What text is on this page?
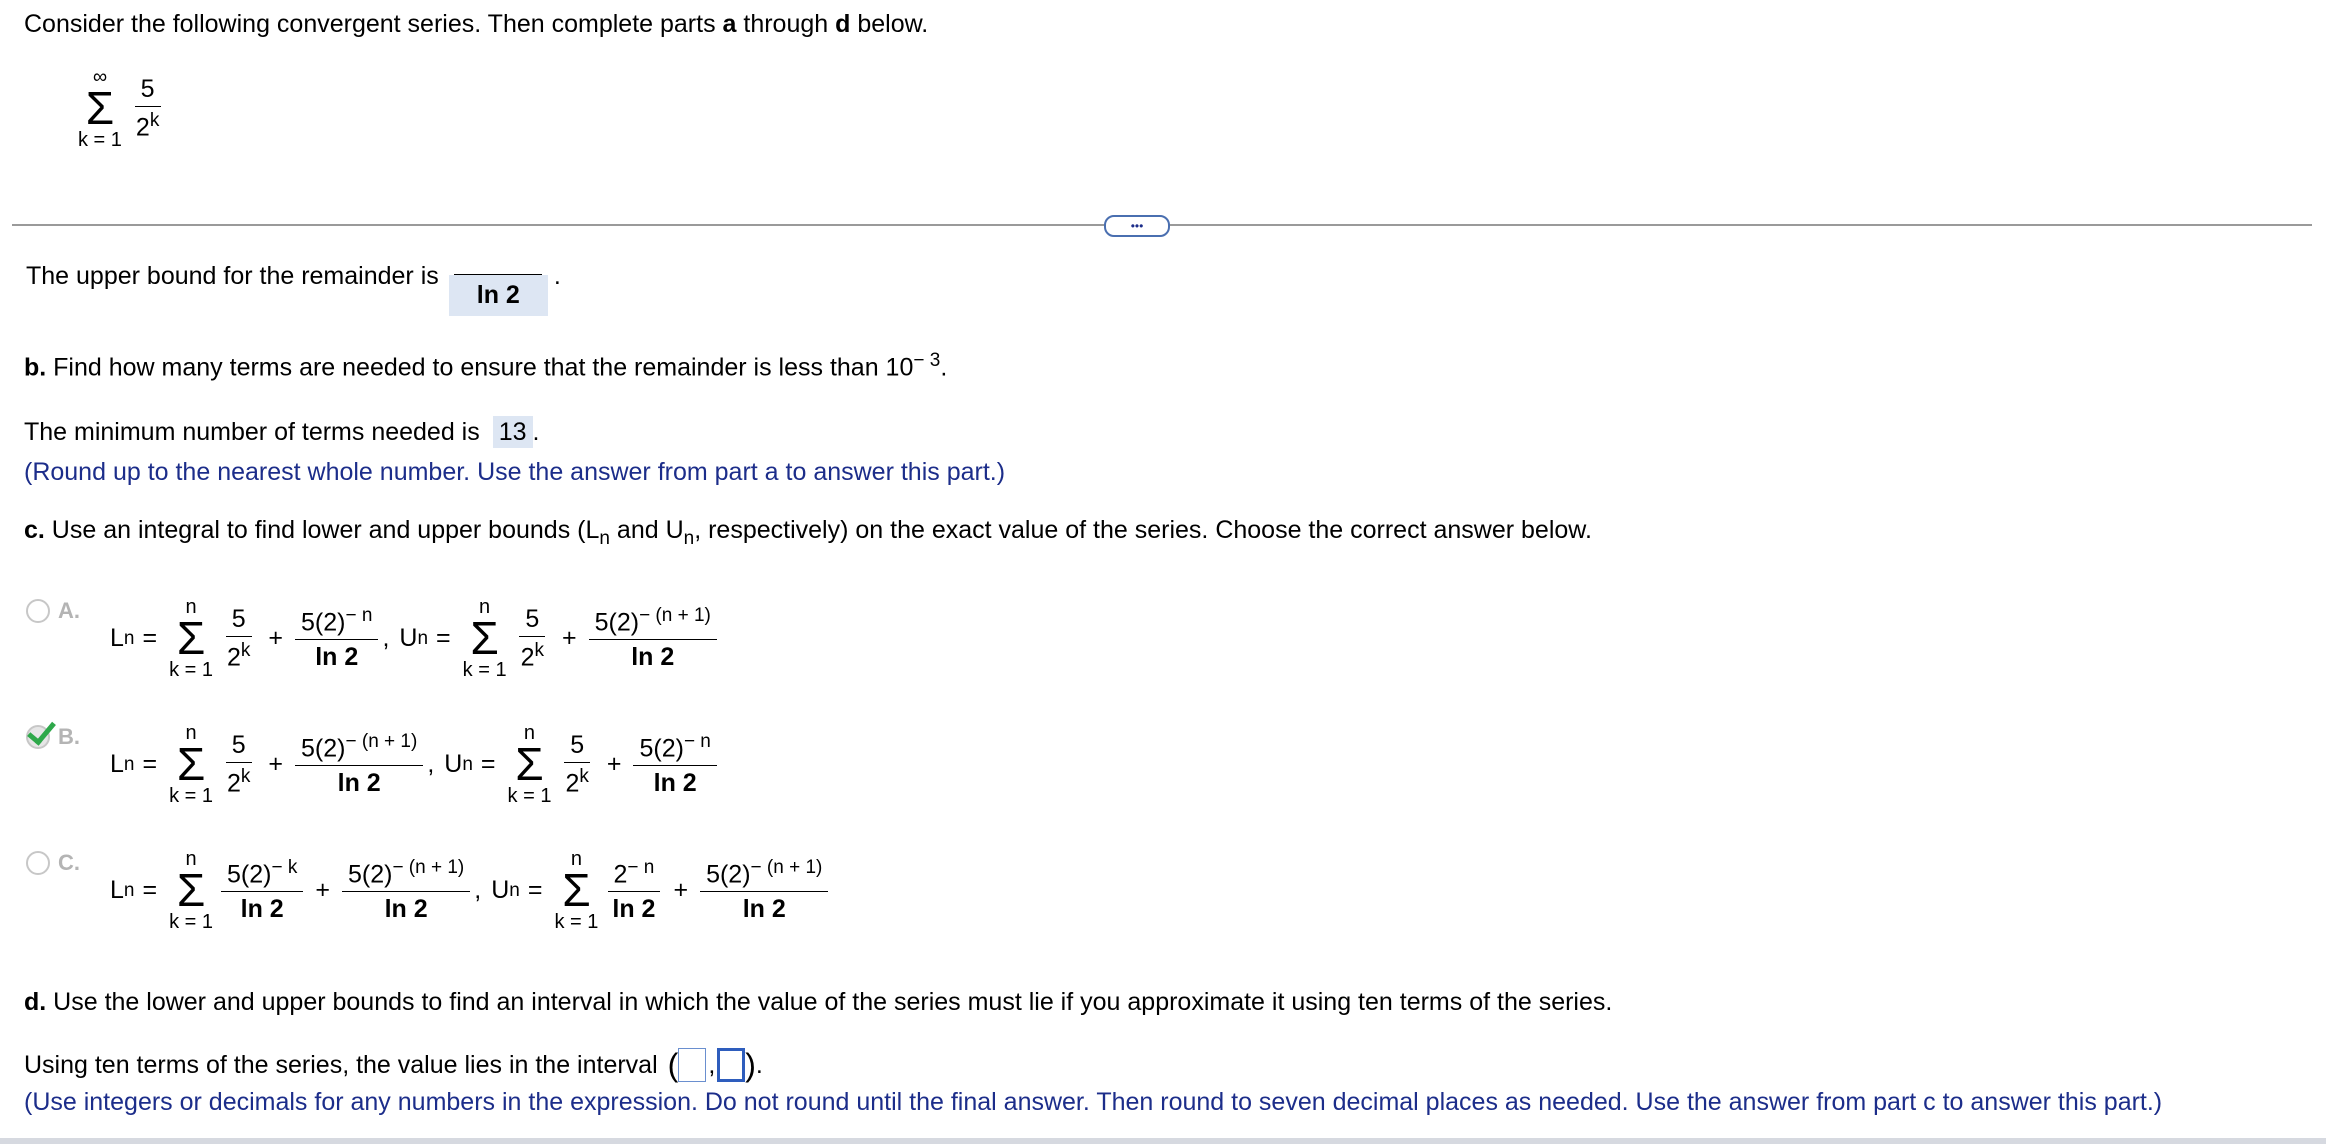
Consider the following convergent series. Then complete parts a through d below.
∞
Σ
$k = 1 \frac{5}{2^k}$
•••
The upper bound for the remainder is
ln 2
.
b. Find how many terms are needed to ensure that the remainder is less than $10^{- 3}$.
The minimum number of terms needed is 13 .
(Round up to the nearest whole number. Use the answer from part a to answer this part.)
c. Use an integral to find lower and upper bounds ($L_n$ and $U_n$, respectively) on the exact value of the series. Choose the correct answer below.
A.
L n =
n
Σ
$k = 1 \frac{5}{2^k} + \frac{5(2)^{- n}}{\ln 2}$ , U n =
n
Σ
$k = 1 \frac{5}{2^k} + \frac{5(2)^{- (n + 1)}}{\ln 2}$
B.
L n =
n
Σ
$k = 1 \frac{5}{2^k} + \frac{5(2)^{- (n + 1)}}{\ln 2}$ , U n =
n
Σ
$k = 1 \frac{5}{2^k} + \frac{5(2)^{- n}}{\ln 2}$
C.
L n =
n
Σ
$k = 1 \frac{5(2)^{- k}}{\ln 2} + \frac{5(2)^{- (n + 1)}}{\ln 2}$ , U n =
n
Σ
$k = 1 \frac{2^{- n}}{\ln 2} + \frac{5(2)^{- (n + 1)}}{\ln 2}$
d. Use the lower and upper bounds to find an interval in which the value of the series must lie if you approximate it using ten terms of the series.
Using ten terms of the series, the value lies in the interval ( , ) .
(Use integers or decimals for any numbers in the expression. Do not round until the final answer. Then round to seven decimal places as needed. Use the answer from part c to answer this part.)
